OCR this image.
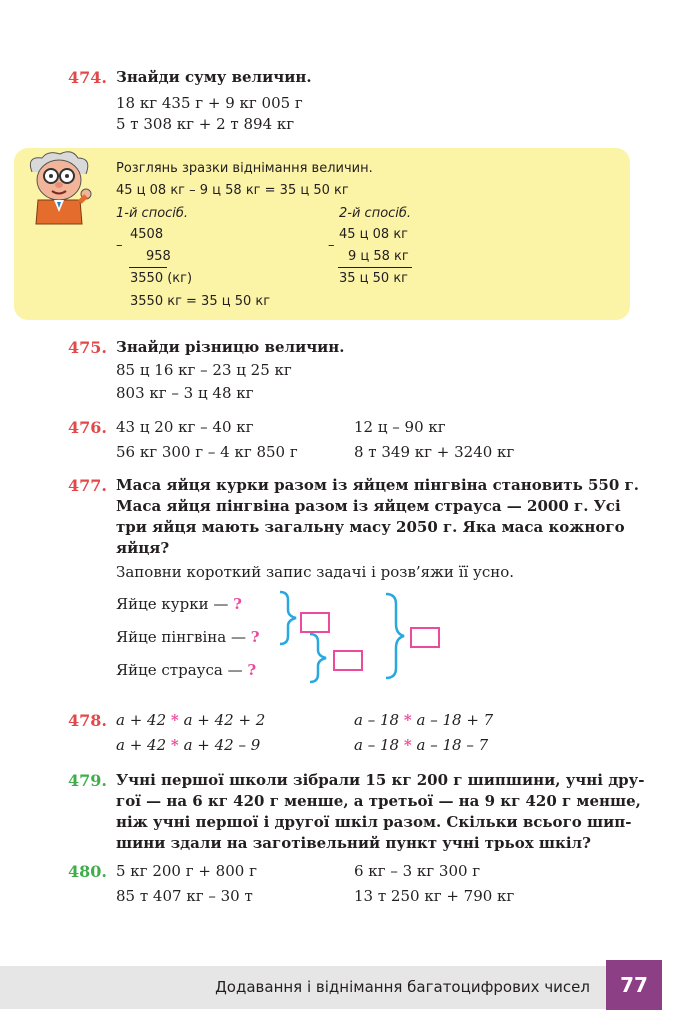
474. Знайди суму величин.
18 кг 435 г + 9 кг 005 г
5 т 308 кг + 2 т 894 кг
Розглянь зразки віднімання величин.
45 ц 08 кг – 9 ц 58 кг = 35 ц 50 кг
1-й спосіб.
–
4508
958
3550 (кг)
3550 кг = 35 ц 50 кг
2-й спосіб.
–
45 ц 08 кг
9 ц 58 кг
35 ц 50 кг
475. Знайди різницю величин.
85 ц 16 кг – 23 ц 25 кг
803 кг – 3 ц 48 кг
476. 43 ц 20 кг – 40 кг
56 кг 300 г – 4 кг 850 г
12 ц – 90 кг
8 т 349 кг + 3240 кг
477. Маса яйця курки разом із яйцем пінгвіна становить 550 г.
Маса яйця пінгвіна разом із яйцем страуса — 2000 г. Усі
три яйця мають загальну масу 2050 г. Яка маса кожного
яйця?
Заповни короткий запис задачі і розв’яжи її усно.
Яйце курки — ?
Яйце пінгвіна — ?
Яйце страуса — ?
478. a + 42 * a + 42 + 2
a + 42 * a + 42 – 9
a – 18 * a – 18 + 7
a – 18 * a – 18 – 7
479. Учні першої школи зібрали 15 кг 200 г шипшини, учні дру-
гої — на 6 кг 420 г менше, а третьої — на 9 кг 420 г менше,
ніж учні першої і другої шкіл разом. Скільки всього шип-
шини здали на заготівельний пункт учні трьох шкіл?
480. 5 кг 200 г + 800 г
85 т 407 кг – 30 т
6 кг – 3 кг 300 г
13 т 250 кг + 790 кг
Додавання і віднімання багатоцифрових чисел	77
